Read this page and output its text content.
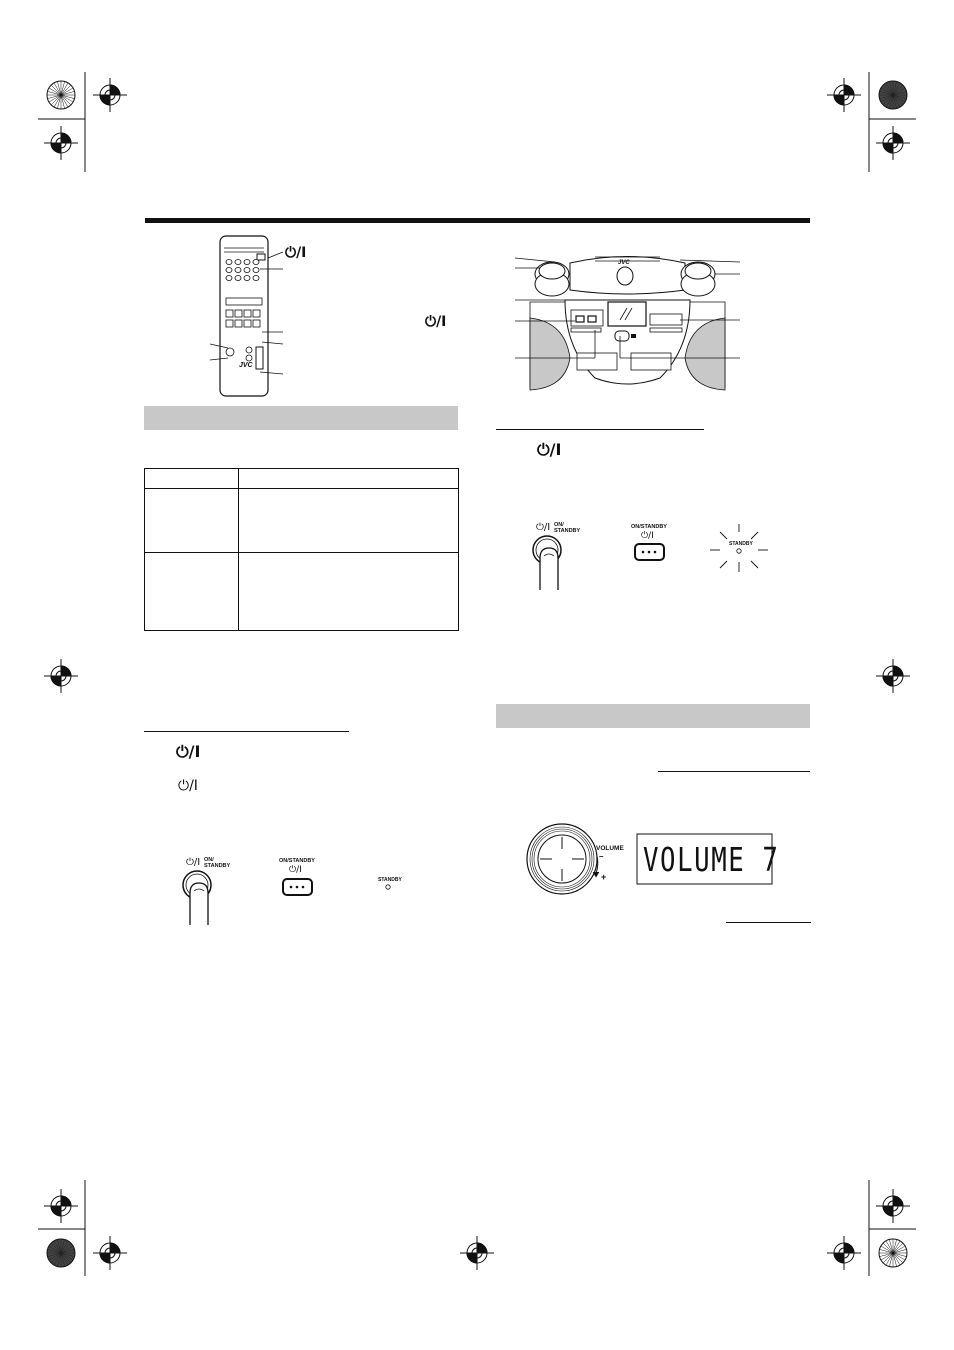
JVC
⏻/I
⏻/I

⏻/I
⏻/I
⏻/I ON/
STANDBY
ON/STANDBY
⏻/I
STANDBY
JVC
⏻/I
⏻/I ON/
STANDBY
ON/STANDBY
⏻/I
STANDBY
VOLUME
–
+ VOLUME 7
